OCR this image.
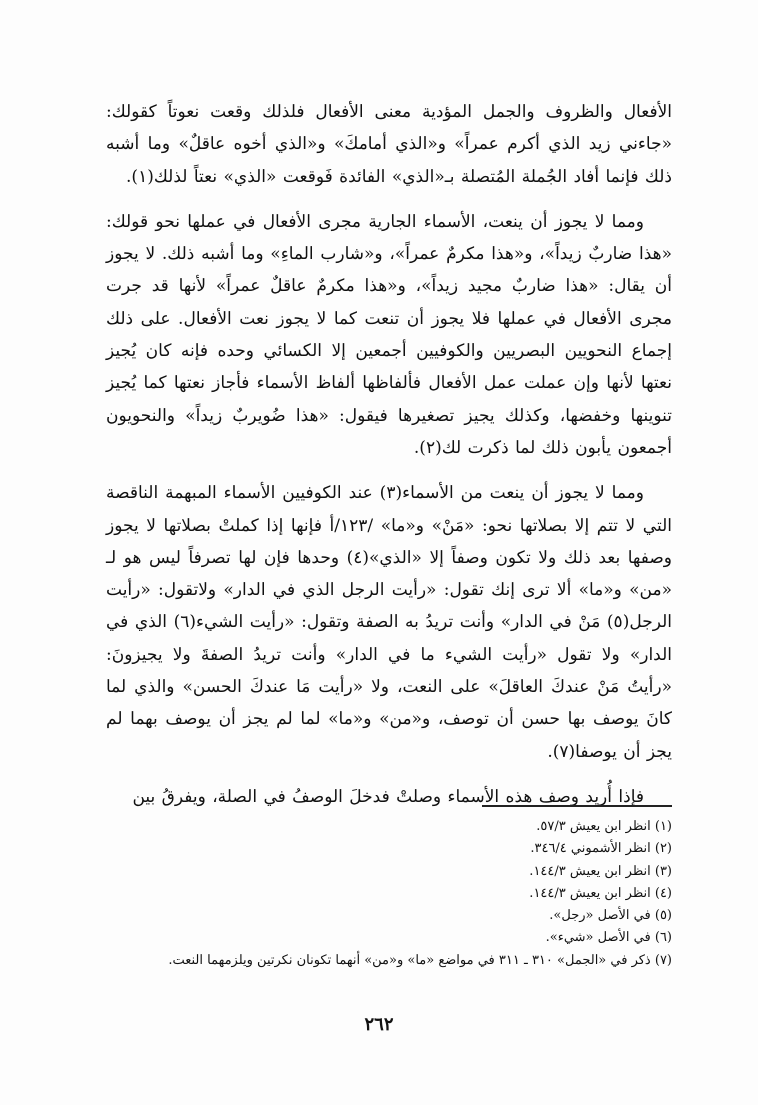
الأفعال والظروف والجمل المؤدية معنى الأفعال فلذلك وقعت نعوتاً كقولك: «جاءني زيد الذي أكرم عمراً» و«الذي أمامكَ» و«الذي أخوه عاقلٌ» وما أشبه ذلك فإنما أفاد الجُملة المُتصلة بـ«الذي» الفائدة فَوقعت «الذي» نعتاً لذلك(١).

ومما لا يجوز أن ينعت، الأسماء الجارية مجرى الأفعال في عملها نحو قولك: «هذا ضاربٌ زيداً»، و«هذا مكرمٌ عمراً»، و«شارب الماءِ» وما أشبه ذلك. لا يجوز أن يقال: «هذا ضاربٌ مجيد زيداً»، و«هذا مكرمٌ عاقلٌ عمراً» لأنها قد جرت مجرى الأفعال في عملها فلا يجوز أن تنعت كما لا يجوز نعت الأفعال. على ذلك إجماع النحويين البصريين والكوفيين أجمعين إلا الكسائي وحده فإنه كان يُجيز نعتها لأنها وإن عملت عمل الأفعال فألفاظها ألفاظ الأسماء فأجاز نعتها كما يُجيز تنوينها وخفضها، وكذلك يجيز تصغيرها فيقول: «هذا ضُويربٌ زيداً» والنحويون أجمعون يأبون ذلك لما ذكرت لك(٢).

ومما لا يجوز أن ينعت من الأسماء(٣) عند الكوفيين الأسماء المبهمة الناقصة التي لا تتم إلا بصلاتها نحو: «مَنْ» و«ما» /١٢٣/أ فإنها إذا كملتْ بصلاتها لا يجوز وصفها بعد ذلك ولا تكون وصفاً إلا «الذي»(٤) وحدها فإن لها تصرفاً ليس هو لـ «من» و«ما» ألا ترى إنك تقول: «رأيت الرجل الذي في الدار» ولاتقول: «رأيت الرجل(٥) مَنْ في الدار» وأنت تريدُ به الصفة وتقول: «رأيت الشيء(٦) الذي في الدار» ولا تقول «رأيت الشيء ما في الدار» وأنت تريدُ الصفةَ ولا يجيزونَ: «رأيتُ مَنْ عندكَ العاقلَ» على النعت، ولا «رأيت مَا عندكَ الحسن» والذي لما كانَ يوصف بها حسن أن توصف، و«من» و«ما» لما لم يجز أن يوصف بهما لم يجز أن يوصفا(٧).

فإذا أُريد وصف هذه الأسماء وصلتْ فدخلَ الوصفُ في الصلة، ويفرقُ بين

(١) انظر ابن يعيش ٥٧/٣.

(٢) انظر الأشموني ٣٤٦/٤.

(٣) انظر ابن يعيش ١٤٤/٣.

(٤) انظر ابن يعيش ١٤٤/٣.

(٥) في الأصل «رجل».

(٦) في الأصل «شيء».

(٧) ذكر في «الجمل» ٣١٠ ـ ٣١١ في مواضع «ما» و«من» أنهما تكونان نكرتين ويلزمهما النعت.

٢٦٢
